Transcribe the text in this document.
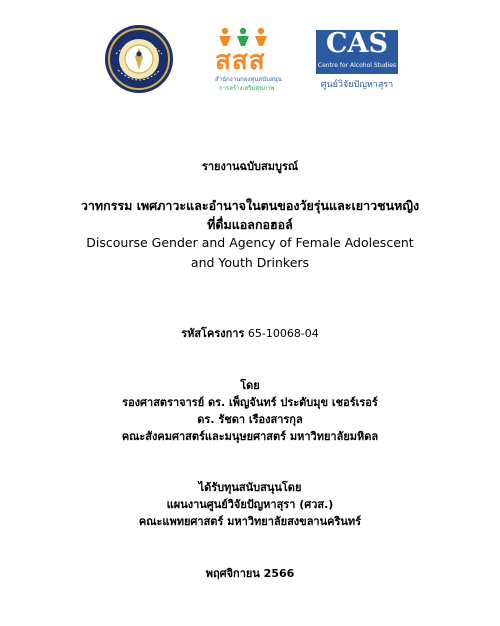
สสส
สำนักงานกองทุนสนับสนุน
การสร้างเสริมสุขภาพ
CAS
Centre for Alcohol Studies
ศูนย์วิจัยปัญหาสุรา
รายงานฉบับสมบูรณ์
วาทกรรม เพศภาวะและอำนาจในตนของวัยรุ่นและเยาวชนหญิง
ที่ดื่มแอลกอฮอล์
Discourse Gender and Agency of Female Adolescent
and Youth Drinkers
รหัสโครงการ 65-10068-04
โดย
รองศาสตราจารย์ ดร. เพ็ญจันทร์ ประดับมุข เชอร์เรอร์
ดร. รัชดา เรืองสารกุล
คณะสังคมศาสตร์และมนุษยศาสตร์ มหาวิทยาลัยมหิดล
ได้รับทุนสนับสนุนโดย
แผนงานศูนย์วิจัยปัญหาสุรา (ศวส.)
คณะแพทยศาสตร์ มหาวิทยาลัยสงขลานครินทร์
พฤศจิกายน 2566
